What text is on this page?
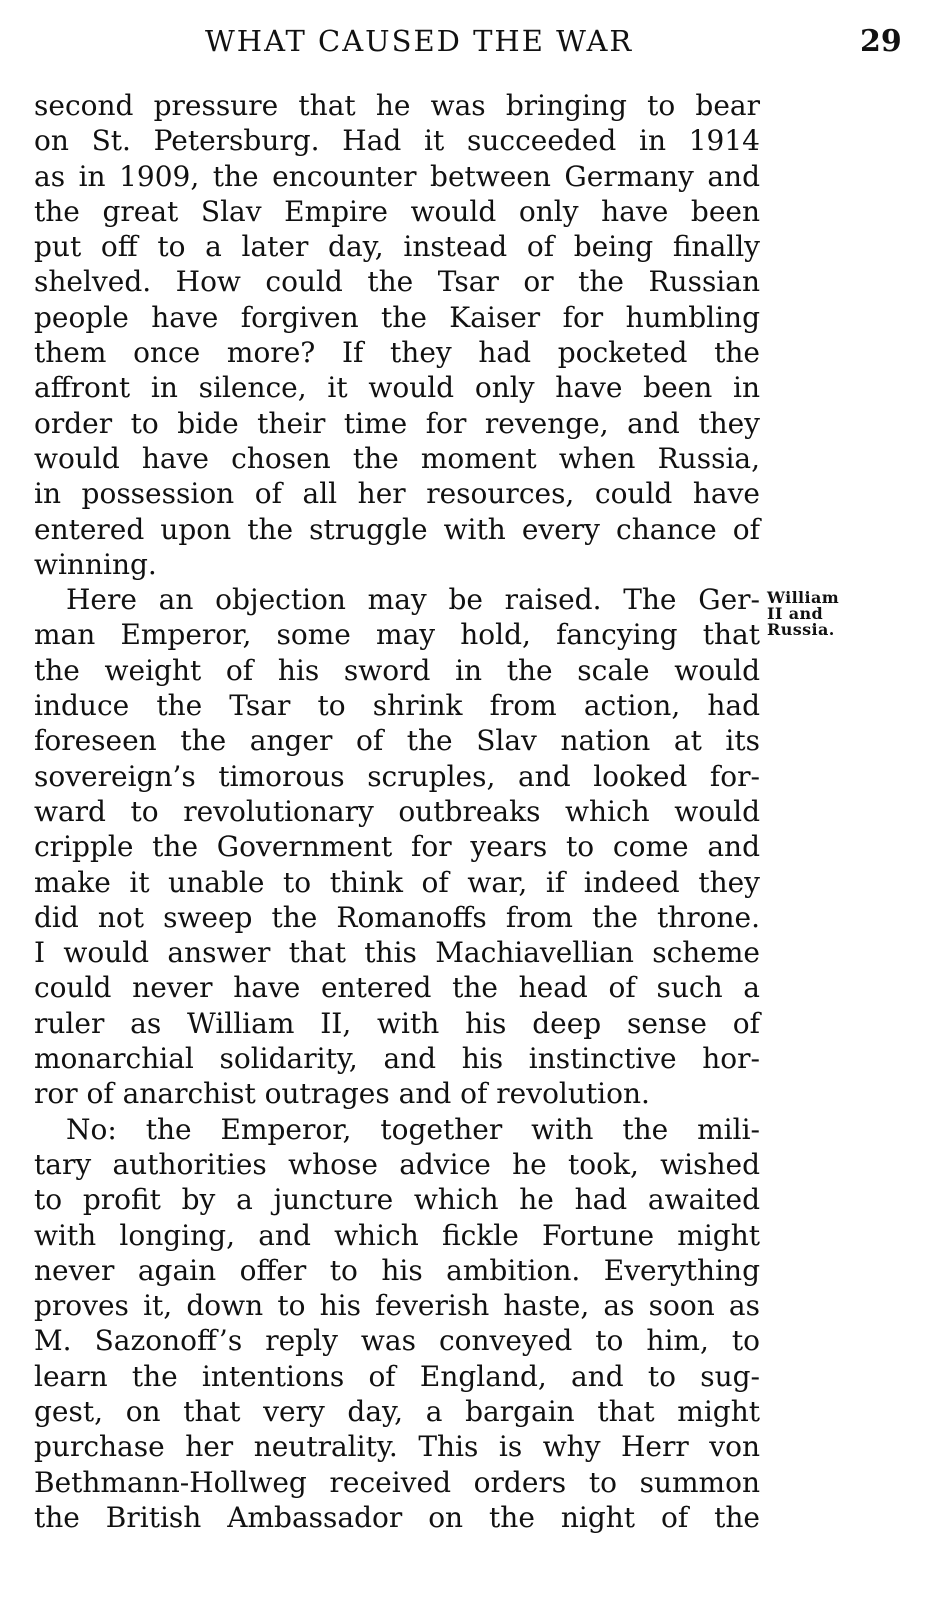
WHAT CAUSED THE WAR	29
second pressure that he was bringing to bear
on St. Petersburg. Had it succeeded in 1914
as in 1909, the encounter between Germany and
the great Slav Empire would only have been
put off to a later day, instead of being finally
shelved. How could the Tsar or the Russian
people have forgiven the Kaiser for humbling
them once more? If they had pocketed the
affront in silence, it would only have been in
order to bide their time for revenge, and they
would have chosen the moment when Russia,
in possession of all her resources, could have
entered upon the struggle with every chance of
winning.
Here an objection may be raised. The Ger-
man Emperor, some may hold, fancying that
the weight of his sword in the scale would
induce the Tsar to shrink from action, had
foreseen the anger of the Slav nation at its
sovereign’s timorous scruples, and looked for-
ward to revolutionary outbreaks which would
cripple the Government for years to come and
make it unable to think of war, if indeed they
did not sweep the Romanoffs from the throne.
I would answer that this Machiavellian scheme
could never have entered the head of such a
ruler as William II, with his deep sense of
monarchial solidarity, and his instinctive hor-
ror of anarchist outrages and of revolution.
No: the Emperor, together with the mili-
tary authorities whose advice he took, wished
to profit by a juncture which he had awaited
with longing, and which fickle Fortune might
never again offer to his ambition. Everything
proves it, down to his feverish haste, as soon as
M. Sazonoff’s reply was conveyed to him, to
learn the intentions of England, and to sug-
gest, on that very day, a bargain that might
purchase her neutrality. This is why Herr von
Bethmann-Hollweg received orders to summon
the British Ambassador on the night of the
William
II and
Russia.
